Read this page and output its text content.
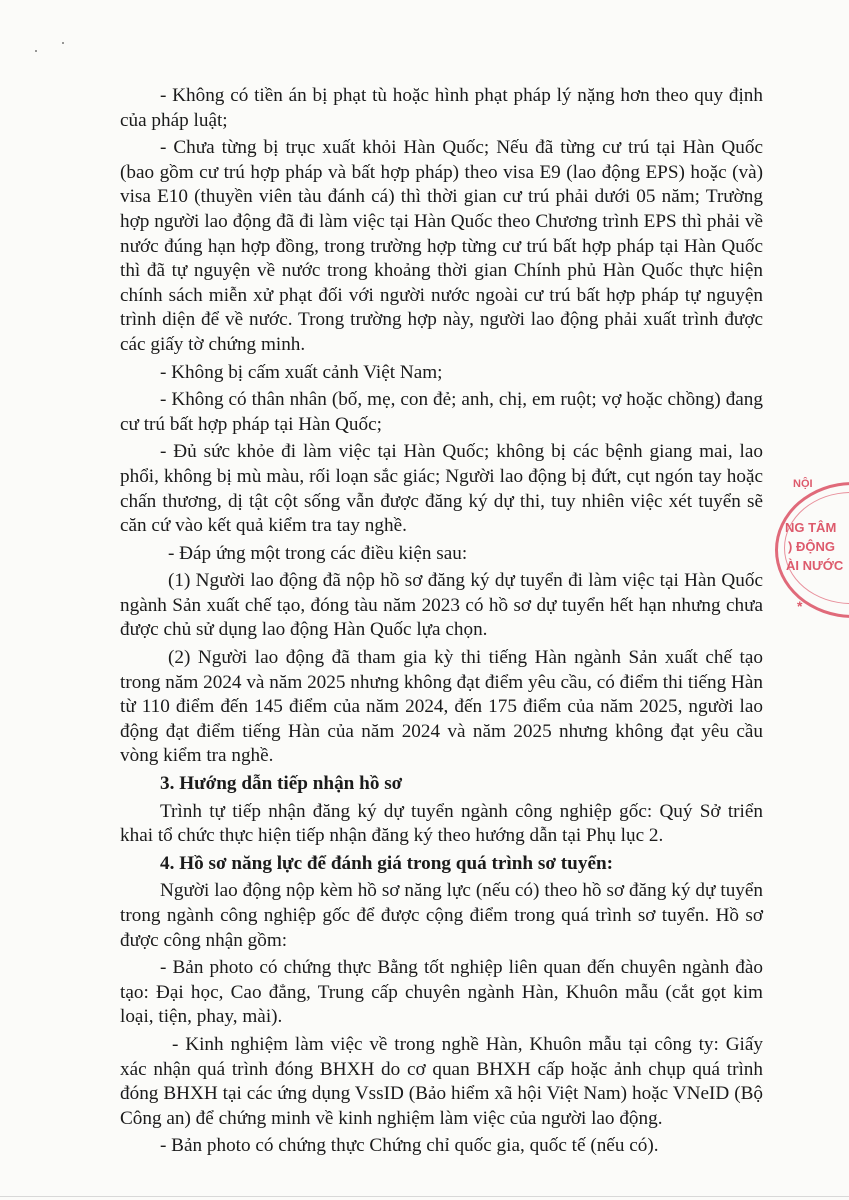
- Không có tiền án bị phạt tù hoặc hình phạt pháp lý nặng hơn theo quy định của pháp luật;

- Chưa từng bị trục xuất khỏi Hàn Quốc; Nếu đã từng cư trú tại Hàn Quốc (bao gồm cư trú hợp pháp và bất hợp pháp) theo visa E9 (lao động EPS) hoặc (và) visa E10 (thuyền viên tàu đánh cá) thì thời gian cư trú phải dưới 05 năm; Trường hợp người lao động đã đi làm việc tại Hàn Quốc theo Chương trình EPS thì phải về nước đúng hạn hợp đồng, trong trường hợp từng cư trú bất hợp pháp tại Hàn Quốc thì đã tự nguyện về nước trong khoảng thời gian Chính phủ Hàn Quốc thực hiện chính sách miễn xử phạt đối với người nước ngoài cư trú bất hợp pháp tự nguyện trình diện để về nước. Trong trường hợp này, người lao động phải xuất trình được các giấy tờ chứng minh.

- Không bị cấm xuất cảnh Việt Nam;

- Không có thân nhân (bố, mẹ, con đẻ; anh, chị, em ruột; vợ hoặc chồng) đang cư trú bất hợp pháp tại Hàn Quốc;

- Đủ sức khỏe đi làm việc tại Hàn Quốc; không bị các bệnh giang mai, lao phổi, không bị mù màu, rối loạn sắc giác; Người lao động bị đứt, cụt ngón tay hoặc chấn thương, dị tật cột sống vẫn được đăng ký dự thi, tuy nhiên việc xét tuyển sẽ căn cứ vào kết quả kiểm tra tay nghề.

- Đáp ứng một trong các điều kiện sau:

(1) Người lao động đã nộp hồ sơ đăng ký dự tuyển đi làm việc tại Hàn Quốc ngành Sản xuất chế tạo, đóng tàu năm 2023 có hồ sơ dự tuyển hết hạn nhưng chưa được chủ sử dụng lao động Hàn Quốc lựa chọn.

(2) Người lao động đã tham gia kỳ thi tiếng Hàn ngành Sản xuất chế tạo trong năm 2024 và năm 2025 nhưng không đạt điểm yêu cầu, có điểm thi tiếng Hàn từ 110 điểm đến 145 điểm của năm 2024, đến 175 điểm của năm 2025, người lao động đạt điểm tiếng Hàn của năm 2024 và năm 2025 nhưng không đạt yêu cầu vòng kiểm tra nghề.

3. Hướng dẫn tiếp nhận hồ sơ

Trình tự tiếp nhận đăng ký dự tuyển ngành công nghiệp gốc: Quý Sở triển khai tổ chức thực hiện tiếp nhận đăng ký theo hướng dẫn tại Phụ lục 2.

4. Hồ sơ năng lực để đánh giá trong quá trình sơ tuyển:

Người lao động nộp kèm hồ sơ năng lực (nếu có) theo hồ sơ đăng ký dự tuyển trong ngành công nghiệp gốc để được cộng điểm trong quá trình sơ tuyển. Hồ sơ được công nhận gồm:

- Bản photo có chứng thực Bằng tốt nghiệp liên quan đến chuyên ngành đào tạo: Đại học, Cao đẳng, Trung cấp chuyên ngành Hàn, Khuôn mẫu (cắt gọt kim loại, tiện, phay, mài).

- Kinh nghiệm làm việc về trong nghề Hàn, Khuôn mẫu tại công ty: Giấy xác nhận quá trình đóng BHXH do cơ quan BHXH cấp hoặc ảnh chụp quá trình đóng BHXH tại các ứng dụng VssID (Bảo hiểm xã hội Việt Nam) hoặc VNeID (Bộ Công an) để chứng minh về kinh nghiệm làm việc của người lao động.

- Bản photo có chứng thực Chứng chỉ quốc gia, quốc tế (nếu có).

NỘI
NG TÂM
) ĐỘNG
ÀI NƯỚC
*
